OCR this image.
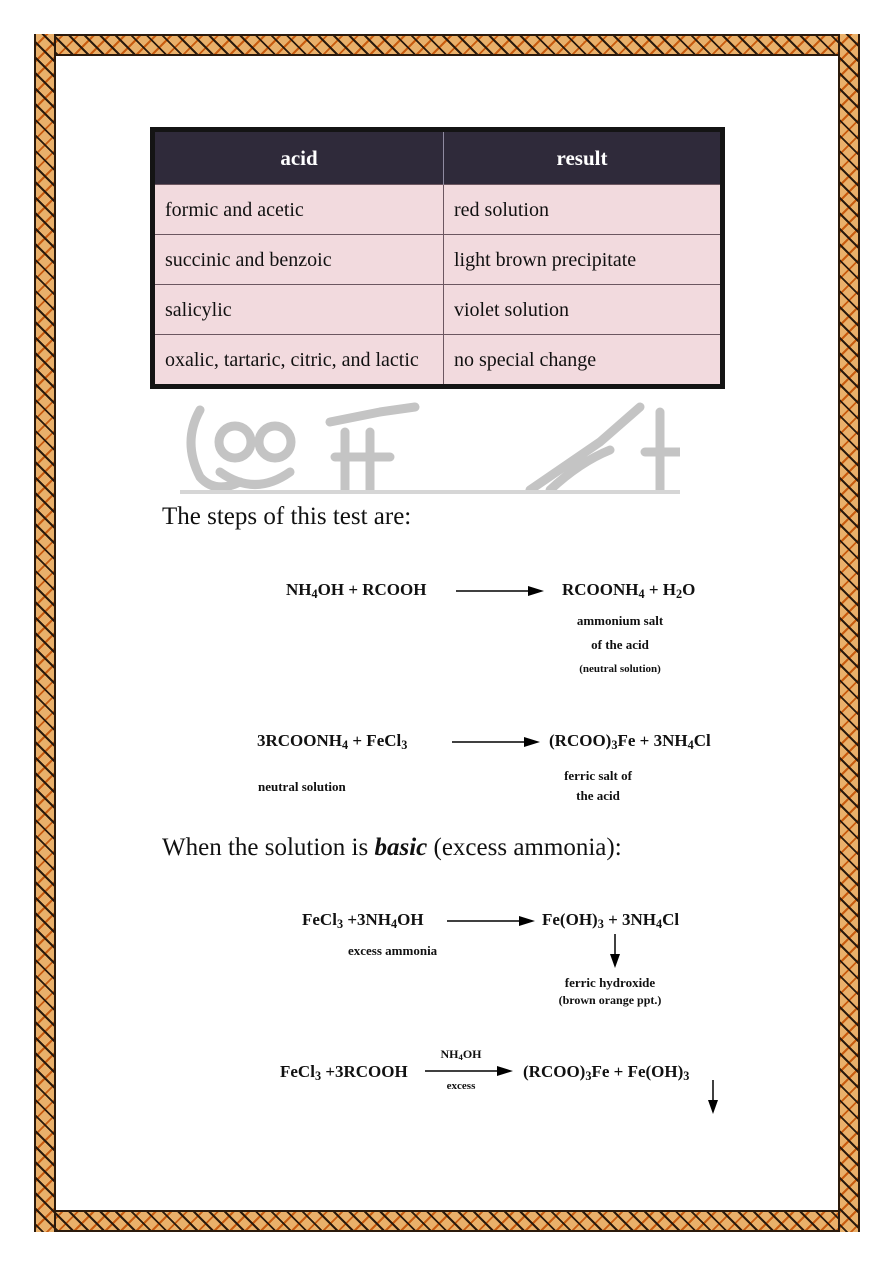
acid	result
formic and acetic	red solution
succinic and benzoic	light brown precipitate
salicylic	violet solution
oxalic, tartaric, citric, and lactic	no special change
The steps of this test are:
$NH_4OH$ + RCOOH	$RCOONH_4 + H_2O$
ammonium salt
of the acid
(neutral solution)
$3RCOONH_4$ + FeCl$_3$	$(RCOO)_3Fe + 3NH_4Cl$
neutral solution
ferric salt of
the acid
When the solution is basic (excess ammonia):
FeCl$_3$ $+3NH_4OH$	$Fe(OH)_3 + 3NH_4Cl$
excess ammonia
ferric hydroxide
(brown orange ppt.)
FeCl$_3$ +3RCOOH
$NH_4OH$
excess
$(RCOO)_3Fe + Fe(OH)_3$
